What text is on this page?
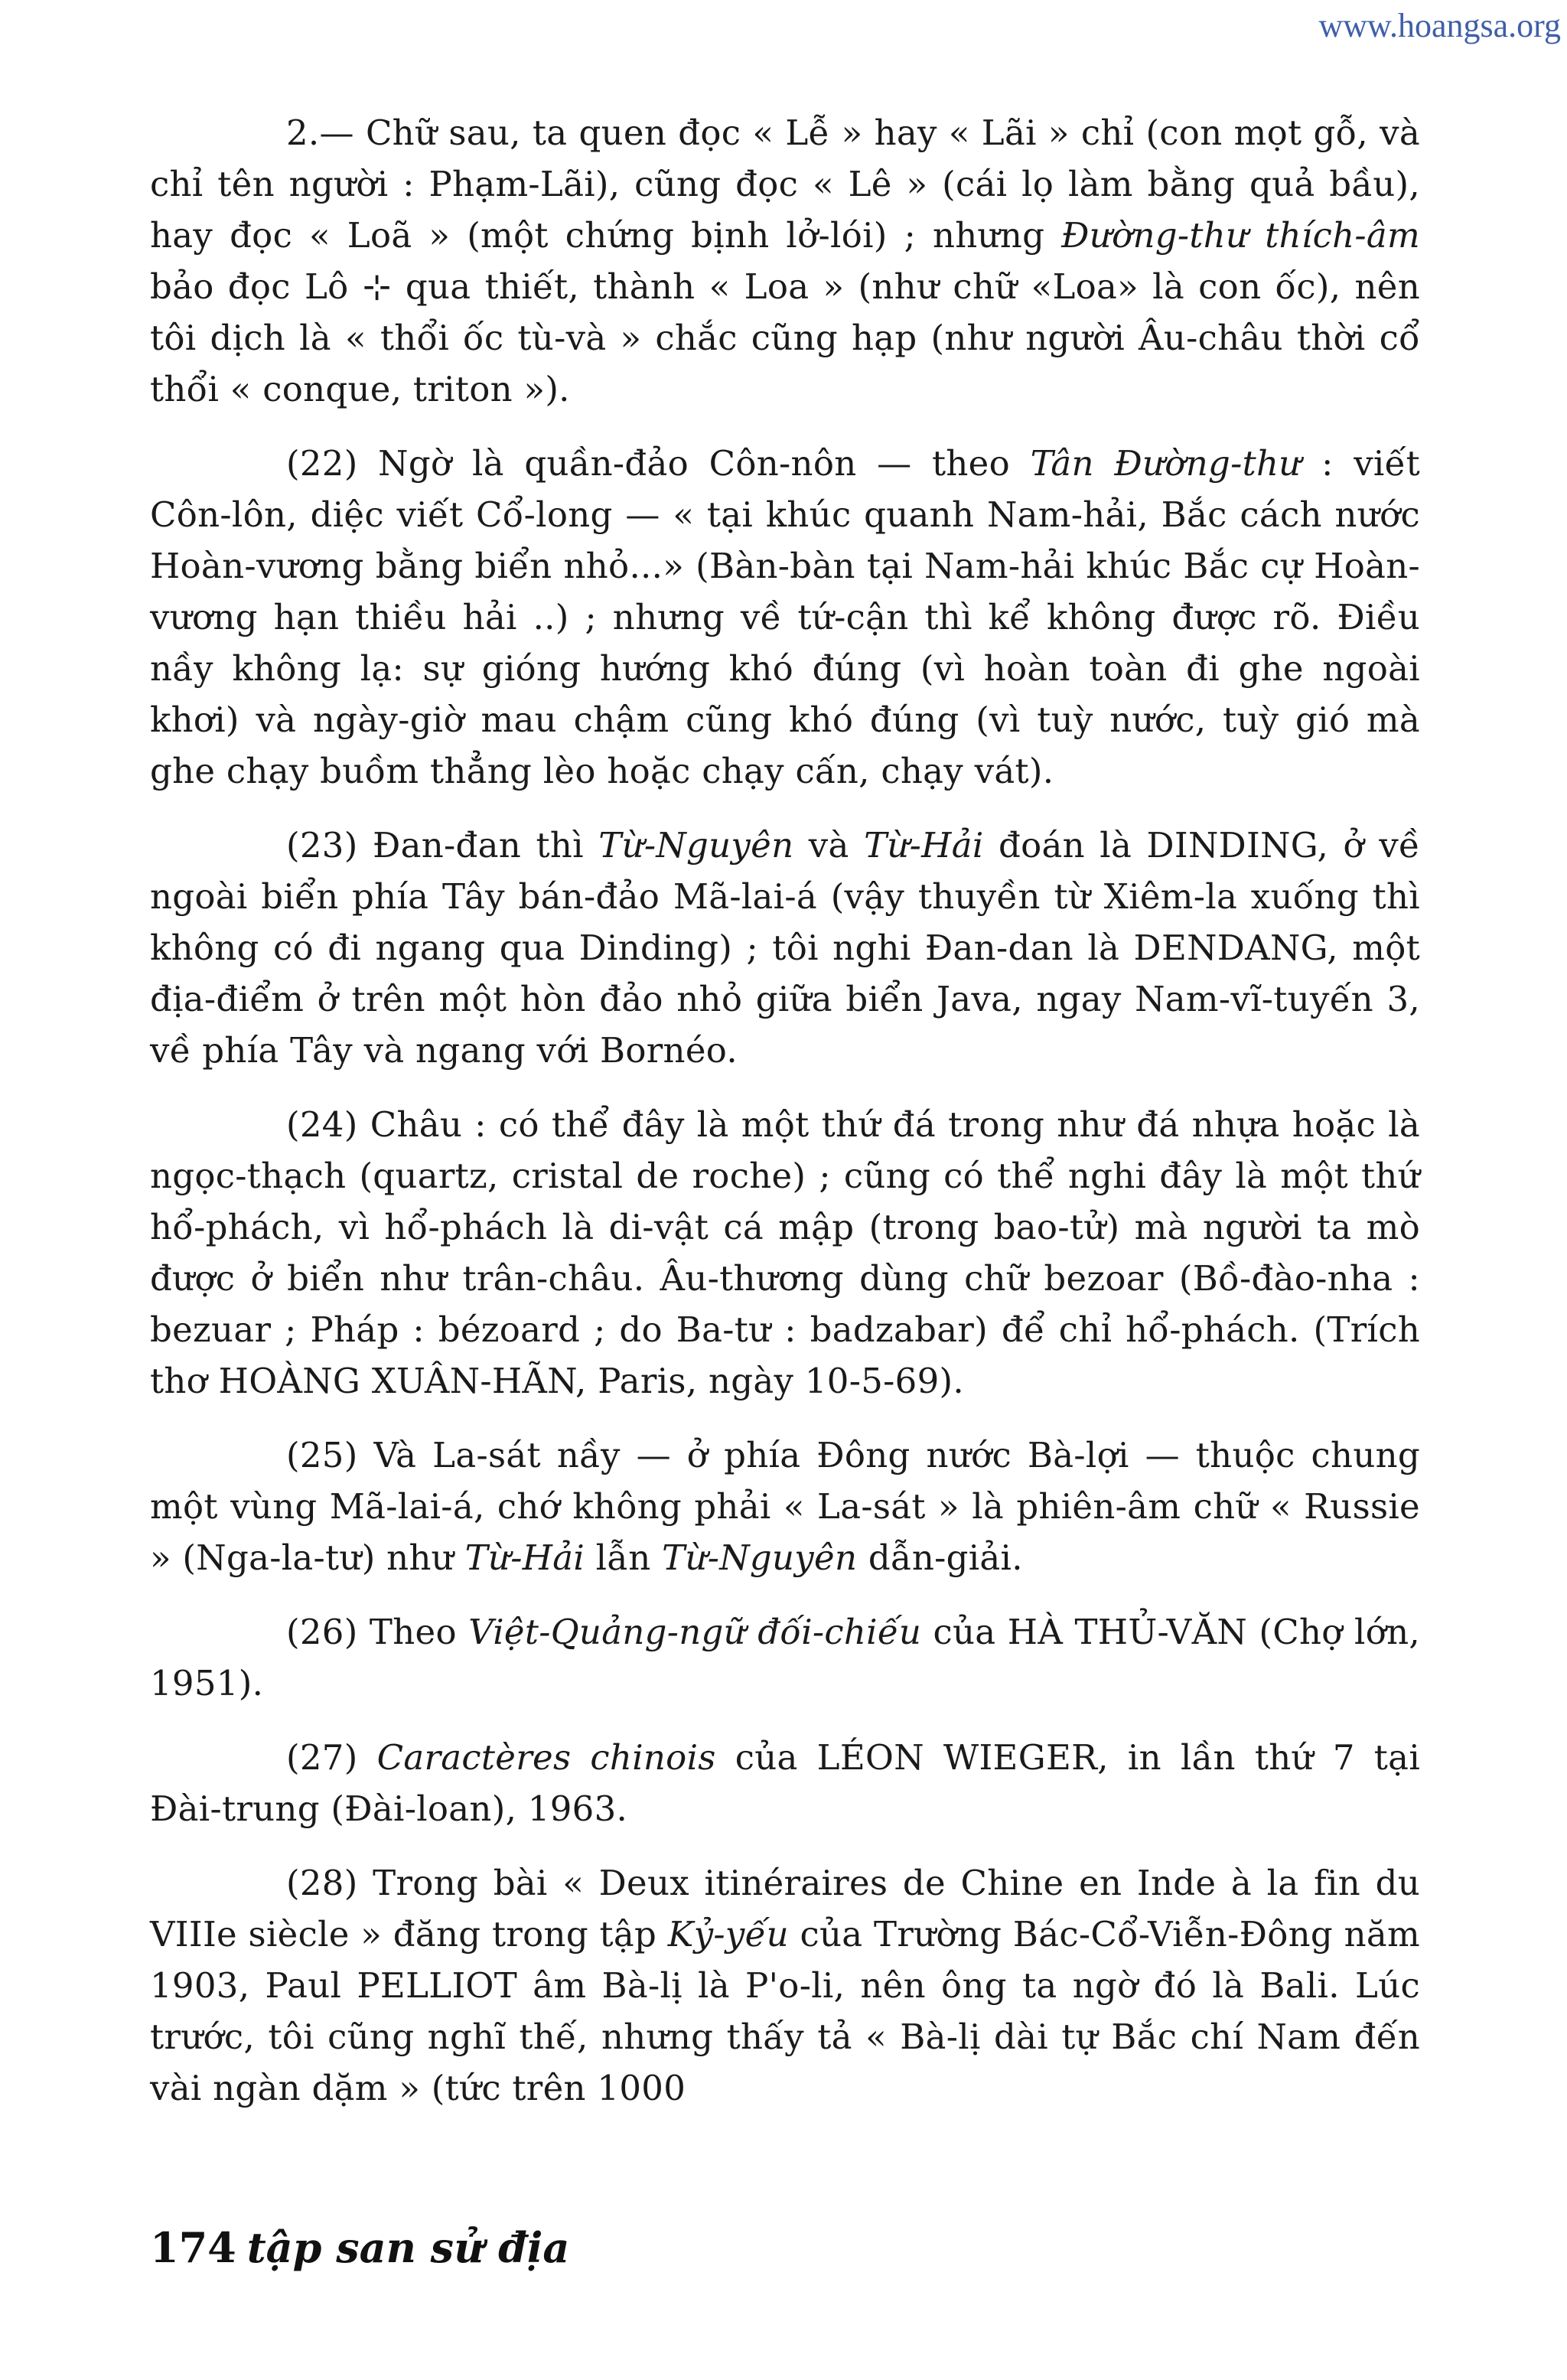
www.hoangsa.org

2.— Chữ sau, ta quen đọc « Lễ » hay « Lãi » chỉ (con mọt gỗ, và chỉ tên người : Phạm-Lãi), cũng đọc « Lê » (cái lọ làm bằng quả bầu), hay đọc « Loã » (một chứng bịnh lở-lói) ; nhưng Đường-thư thích-âm bảo đọc Lô ⊹ qua thiết, thành « Loa » (như chữ «Loa» là con ốc), nên tôi dịch là « thổi ốc tù-và » chắc cũng hạp (như người Âu-châu thời cổ thổi « conque, triton »).

(22) Ngờ là quần-đảo Côn-nôn — theo Tân Đường-thư : viết Côn-lôn, diệc viết Cổ-long — « tại khúc quanh Nam-hải, Bắc cách nước Hoàn-vương bằng biển nhỏ...» (Bàn-bàn tại Nam-hải khúc Bắc cự Hoàn-vương hạn thiều hải ..) ; nhưng về tứ-cận thì kể không được rõ. Điều nầy không lạ: sự gióng hướng khó đúng (vì hoàn toàn đi ghe ngoài khơi) và ngày-giờ mau chậm cũng khó đúng (vì tuỳ nước, tuỳ gió mà ghe chạy buồm thẳng lèo hoặc chạy cấn, chạy vát).

(23) Đan-đan thì Từ-Nguyên và Từ-Hải đoán là DINDING, ở về ngoài biển phía Tây bán-đảo Mã-lai-á (vậy thuyền từ Xiêm-la xuống thì không có đi ngang qua Dinding) ; tôi nghi Đan-dan là DENDANG, một địa-điểm ở trên một hòn đảo nhỏ giữa biển Java, ngay Nam-vĩ-tuyến 3, về phía Tây và ngang với Bornéo.

(24) Châu : có thể đây là một thứ đá trong như đá nhựa hoặc là ngọc-thạch (quartz, cristal de roche) ; cũng có thể nghi đây là một thứ hổ-phách, vì hổ-phách là di-vật cá mập (trong bao-tử) mà người ta mò được ở biển như trân-châu. Âu-thương dùng chữ bezoar (Bồ-đào-nha : bezuar ; Pháp : bézoard ; do Ba-tư : badzabar) để chỉ hổ-phách. (Trích thơ HOÀNG XUÂN-HÃN, Paris, ngày 10-5-69).

(25) Và La-sát nầy — ở phía Đông nước Bà-lợi — thuộc chung một vùng Mã-lai-á, chớ không phải « La-sát » là phiên-âm chữ « Russie » (Nga-la-tư) như Từ-Hải lẫn Từ-Nguyên dẫn-giải.

(26) Theo Việt-Quảng-ngữ đối-chiếu của HÀ THỦ-VĂN (Chợ lớn, 1951).

(27) Caractères chinois của LÉON WIEGER, in lần thứ 7 tại Đài-trung (Đài-loan), 1963.

(28) Trong bài « Deux itinéraires de Chine en Inde à la fin du VIIIe siècle » đăng trong tập Kỷ-yếu của Trường Bác-Cổ-Viễn-Đông năm 1903, Paul PELLIOT âm Bà-lị là P'o-li, nên ông ta ngờ đó là Bali. Lúc trước, tôi cũng nghĩ thế, nhưng thấy tả « Bà-lị dài tự Bắc chí Nam đến vài ngàn dặm » (tức trên 1000

174 tập san sử địa
